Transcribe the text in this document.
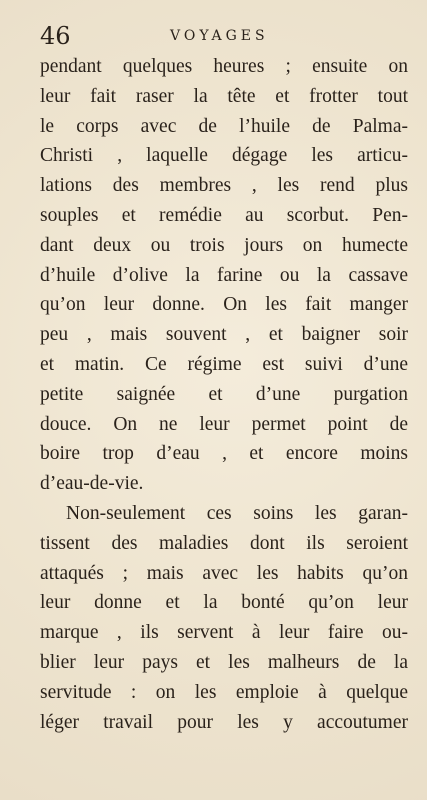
46	VOYAGES
pendant quelques heures ; ensuite on
leur fait raser la tête et frotter tout
le corps avec de l’huile de Palma-
Christi , laquelle dégage les articu-
lations des membres , les rend plus
souples et remédie au scorbut. Pen-
dant deux ou trois jours on humecte
d’huile d’olive la farine ou la cassave
qu’on leur donne. On les fait manger
peu , mais souvent , et baigner soir
et matin. Ce régime est suivi d’une
petite saignée et d’une purgation
douce. On ne leur permet point de
boire trop d’eau , et encore moins
d’eau-de-vie.
Non-seulement ces soins les garan-
tissent des maladies dont ils seroient
attaqués ; mais avec les habits qu’on
leur donne et la bonté qu’on leur
marque , ils servent à leur faire ou-
blier leur pays et les malheurs de la
servitude : on les emploie à quelque
léger travail pour les y accoutumer
